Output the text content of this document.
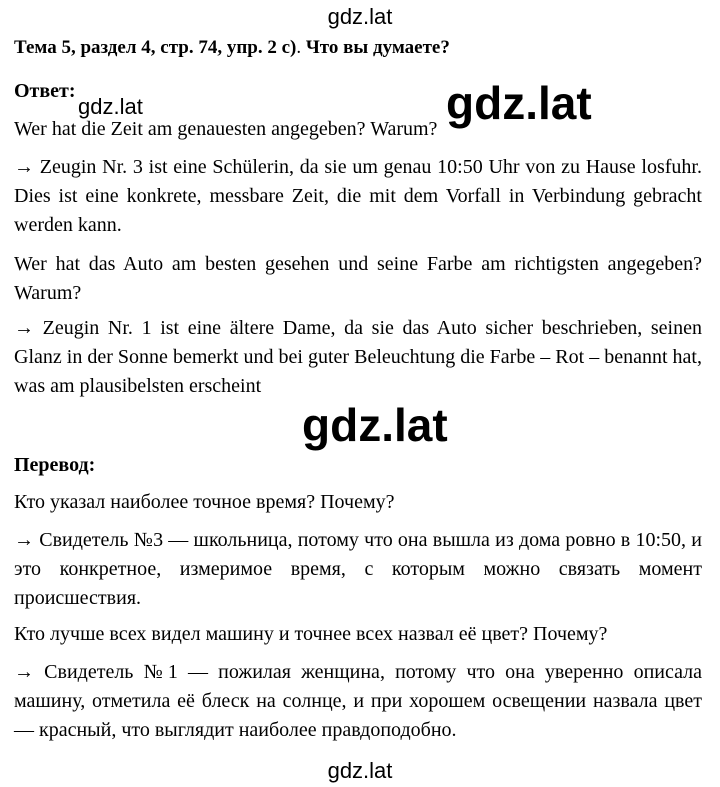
gdz.lat
Тема 5, раздел 4, стр. 74, упр. 2 с). Что вы думаете?
Ответ:
gdz.lat	gdz.lat

Wer hat die Zeit am genauesten angegeben? Warum?

→ Zeugin Nr. 3 ist eine Schülerin, da sie um genau 10:50 Uhr von zu Hause losfuhr. Dies ist eine konkrete, messbare Zeit, die mit dem Vorfall in Verbindung gebracht werden kann.

Wer hat das Auto am besten gesehen und seine Farbe am richtigsten angegeben? Warum?

→ Zeugin Nr. 1 ist eine ältere Dame, da sie das Auto sicher beschrieben, seinen Glanz in der Sonne bemerkt und bei guter Beleuchtung die Farbe – Rot – benannt hat, was am plausibelsten erscheint

gdz.lat
Перевод:

Кто указал наиболее точное время? Почему?

→ Свидетель №3 — школьница, потому что она вышла из дома ровно в 10:50, и это конкретное, измеримое время, с которым можно связать момент происшествия.

Кто лучше всех видел машину и точнее всех назвал её цвет? Почему?

→ Свидетель №1 — пожилая женщина, потому что она уверенно описала машину, отметила её блеск на солнце, и при хорошем освещении назвала цвет — красный, что выглядит наиболее правдоподобно.

gdz.lat
